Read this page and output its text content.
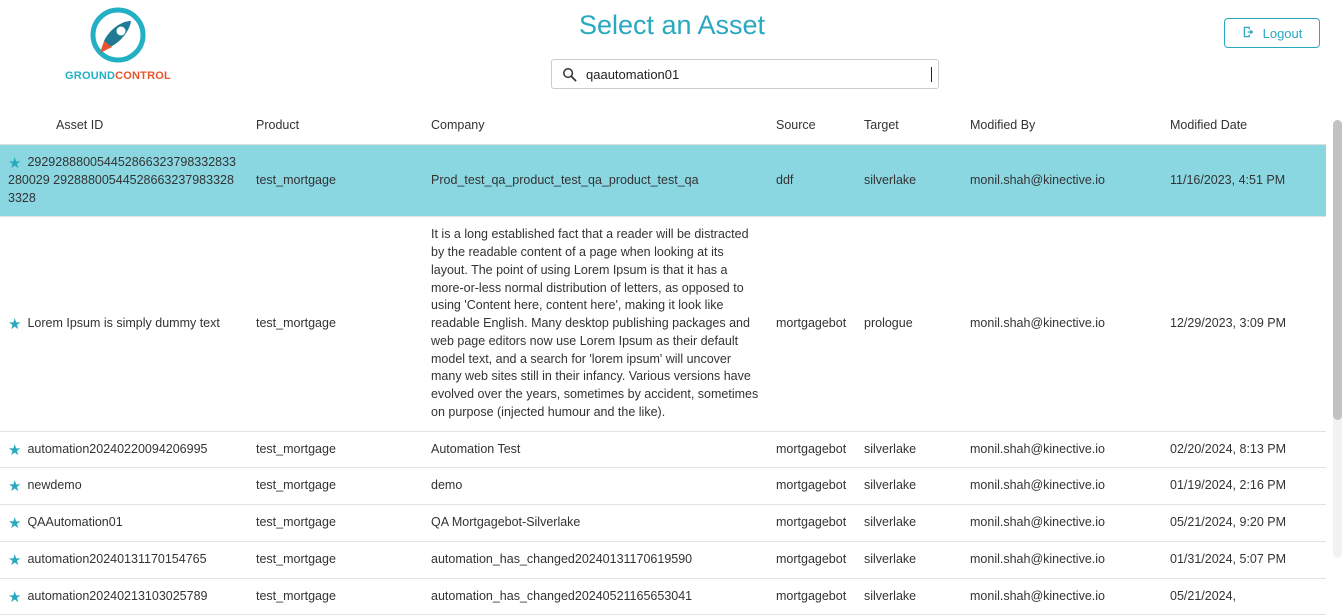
GROUNDCONTROL
Select an Asset
qaautomation01	Logout
Asset ID	Product	Company	Source	Target	Modified By	Modified Date
★ 292928880054452866323798332833280029 292888005445286632379833283328	test_mortgage	Prod_test_qa_product_test_qa_product_test_qa	ddf	silverlake	monil.shah@kinective.io	11/16/2023, 4:51 PM
★ Lorem Ipsum is simply dummy text	test_mortgage	It is a long established fact that a reader will be distracted by the readable content of a page when looking at its layout. The point of using Lorem Ipsum is that it has a more-or-less normal distribution of letters, as opposed to using 'Content here, content here', making it look like readable English. Many desktop publishing packages and web page editors now use Lorem Ipsum as their default model text, and a search for 'lorem ipsum' will uncover many web sites still in their infancy. Various versions have evolved over the years, sometimes by accident, sometimes on purpose (injected humour and the like).	mortgagebot	prologue	monil.shah@kinective.io	12/29/2023, 3:09 PM
★ automation20240220094206995	test_mortgage	Automation Test	mortgagebot	silverlake	monil.shah@kinective.io	02/20/2024, 8:13 PM
★ newdemo	test_mortgage	demo	mortgagebot	silverlake	monil.shah@kinective.io	01/19/2024, 2:16 PM
★ QAAutomation01	test_mortgage	QA Mortgagebot-Silverlake	mortgagebot	silverlake	monil.shah@kinective.io	05/21/2024, 9:20 PM
★ automation20240131170154765	test_mortgage	automation_has_changed20240131170619590	mortgagebot	silverlake	monil.shah@kinective.io	01/31/2024, 5:07 PM
★ automation20240213103025789	test_mortgage	automation_has_changed20240521165653041	mortgagebot	silverlake	monil.shah@kinective.io	05/21/2024,
